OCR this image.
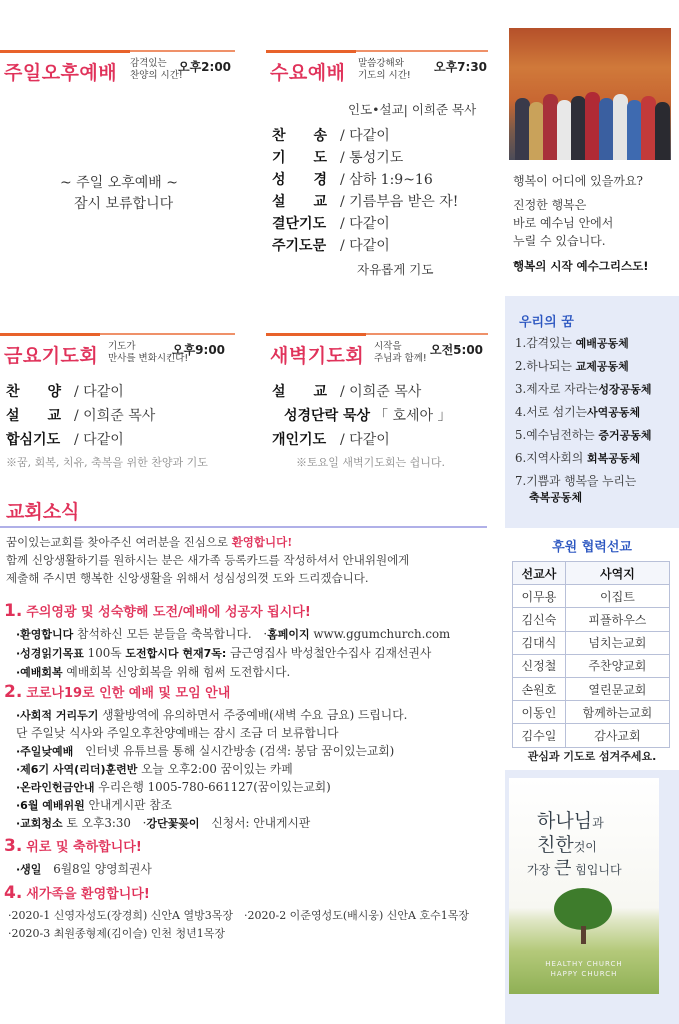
주일오후예배 감격있는
찬양의 시간!
오후2:00
~ 주일 오후예배 ~
잠시 보류합니다
수요예배 말씀강해와
기도의 시간!
오후7:30
인도•설교| 이희준 목사
찬　　송 / 다같이
기　　도 / 통성기도
성　　경 / 삼하 1:9~16
설　　교 / 기름부음 받은 자!
결단기도 / 다같이
주기도문 / 다같이
자유롭게 기도
금요기도회 기도가
만사를 변화시킨다!
오후9:00
찬　　양 / 다같이
설　　교 / 이희준 목사
합심기도 / 다같이
※꿈, 회복, 치유, 축복을 위한 찬양과 기도
새벽기도회 시작을
주님과 함께!
오전5:00
설　　교 / 이희준 목사
성경단락 묵상 「 호세아 」
개인기도 / 다같이
※토요일 새벽기도회는 쉽니다.
교회소식
꿈이있는교회를 찾아주신 여러분을 진심으로 환영합니다!
함께 신앙생활하기를 원하시는 분은 새가족 등록카드를 작성하셔서 안내위원에게
제출해 주시면 행복한 신앙생활을 위해서 성심성의껏 도와 드리겠습니다.
1. 주의영광 및 성숙향해 도전/예배에 성공자 됩시다!
·환영합니다 참석하신 모든 분들을 축복합니다.　·홈페이지 www.ggumchurch.com
·성경읽기목표 100독 도전합시다 현재7독: 금근영집사 박성철안수집사 김재선권사
·예배회복 예배회복 신앙회복을 위해 힘써 도전합시다.
2. 코로나19로 인한 예배 및 모임 안내
·사회적 거리두기 생활방역에 유의하면서 주중예배(새벽 수요 금요) 드립니다.
단 주일낮 식사와 주일오후찬양예배는 잠시 조금 더 보류합니다
·주일낮예배　인터넷 유튜브를 통해 실시간방송 (검색: 봉담 꿈이있는교회)
·제6기 사역(리더)훈련반 오늘 오후2:00 꿈이있는 카페
·온라인헌금안내 우리은행 1005-780-661127(꿈이있는교회)
·6월 예배위원 안내게시판 참조
·교회청소 토 오후3:30　·강단꽃꽂이　신청서: 안내게시판
3. 위로 및 축하합니다!
·생일　6월8일 양영희권사
4. 새가족을 환영합니다!
·2020-1 신영자성도(장경희) 신안A 열방3목장　·2020-2 이준영성도(배시웅) 신안A 호수1목장
·2020-3 최원종형제(김이슬) 인천 청년1목장
행복이 어디에 있을까요?
진정한 행복은
바로 예수님 안에서
누릴 수 있습니다.
행복의 시작 예수그리스도!
우리의 꿈
1.감격있는 예배공동체
2.하나되는 교제공동체
3.제자로 자라는성장공동체
4.서로 섬기는사역공동체
5.예수님전하는 증거공동체
6.지역사회의 회복공동체
7.기쁨과 행복을 누리는
축복공동체
후원 협력선교
선교사	사역지
이무용	이집트
김신숙	피플하우스
김대식	넘치는교회
신정철	주찬양교회
손원호	열린문교회
이동인	함께하는교회
김수일	감사교회
관심과 기도로 섬겨주세요.
하나님과
친한것이
가장 큰 힘입니다
HEALTHY CHURCH
HAPPY CHURCH
